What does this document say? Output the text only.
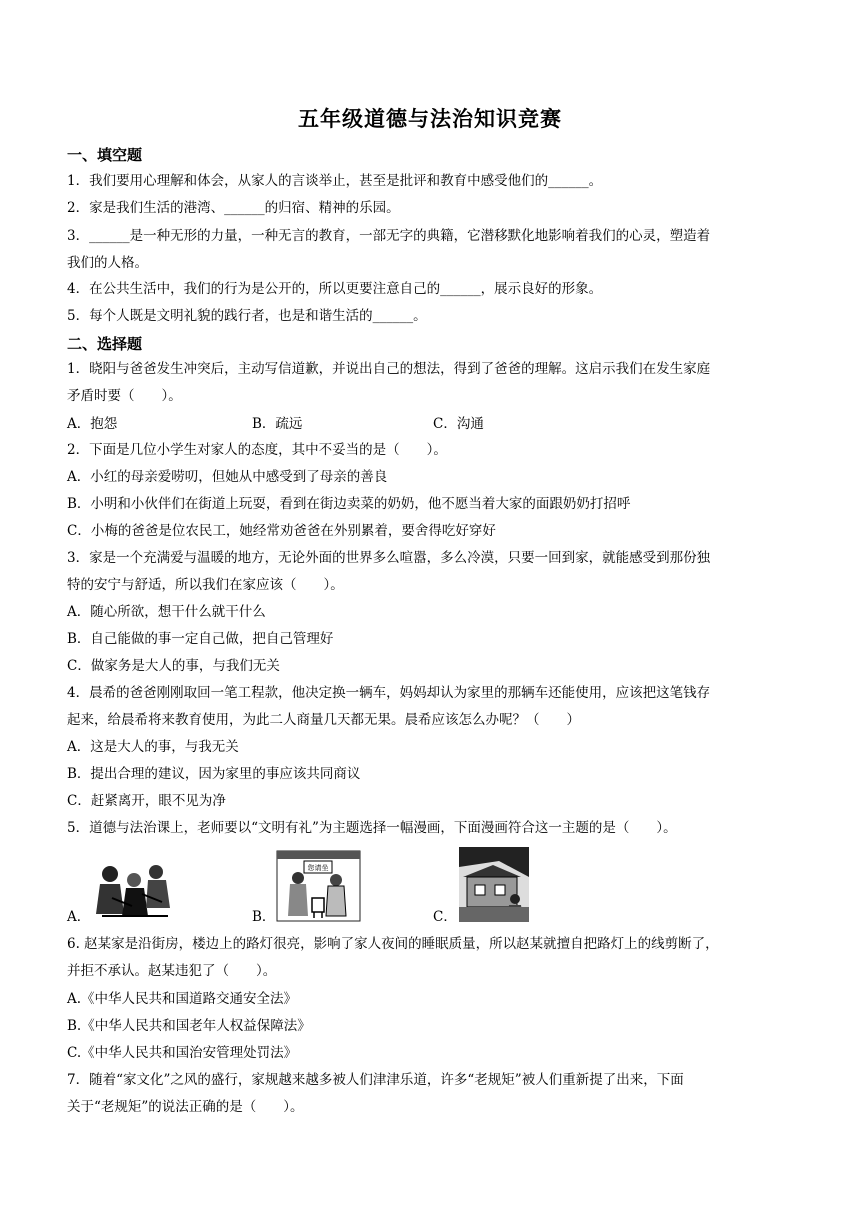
五年级道德与法治知识竞赛
一、填空题
1．我们要用心理解和体会，从家人的言谈举止，甚至是批评和教育中感受他们的______。
2．家是我们生活的港湾、______的归宿、精神的乐园。
3．______是一种无形的力量，一种无言的教育，一部无字的典籍，它潜移默化地影响着我们的心灵，塑造着
我们的人格。
4．在公共生活中，我们的行为是公开的，所以更要注意自己的______，展示良好的形象。
5．每个人既是文明礼貌的践行者，也是和谐生活的______。
二、选择题
1．晓阳与爸爸发生冲突后，主动写信道歉，并说出自己的想法，得到了爸爸的理解。这启示我们在发生家庭
矛盾时要（　　）。
A．抱怨	B．疏远	C．沟通
2．下面是几位小学生对家人的态度，其中不妥当的是（　　）。
A．小红的母亲爱唠叨，但她从中感受到了母亲的善良
B．小明和小伙伴们在街道上玩耍，看到在街边卖菜的奶奶，他不愿当着大家的面跟奶奶打招呼
C．小梅的爸爸是位农民工，她经常劝爸爸在外别累着，要舍得吃好穿好
3．家是一个充满爱与温暖的地方，无论外面的世界多么喧嚣，多么冷漠，只要一回到家，就能感受到那份独
特的安宁与舒适，所以我们在家应该（　　）。
A．随心所欲，想干什么就干什么
B．自己能做的事一定自己做，把自己管理好
C．做家务是大人的事，与我们无关
4．晨希的爸爸刚刚取回一笔工程款，他决定换一辆车，妈妈却认为家里的那辆车还能使用，应该把这笔钱存
起来，给晨希将来教育使用，为此二人商量几天都无果。晨希应该怎么办呢？（　　）
A．这是大人的事，与我无关
B．提出合理的建议，因为家里的事应该共同商议
C．赶紧离开，眼不见为净
5．道德与法治课上，老师要以“文明有礼”为主题选择一幅漫画，下面漫画符合这一主题的是（　　）。
A．	B．
您请坐
C．
6. 赵某家是沿街房，楼边上的路灯很亮，影响了家人夜间的睡眠质量，所以赵某就擅自把路灯上的线剪断了，
并拒不承认。赵某违犯了（　　）。
A.《中华人民共和国道路交通安全法》
B.《中华人民共和国老年人权益保障法》
C.《中华人民共和国治安管理处罚法》
7．随着“家文化”之风的盛行，家规越来越多被人们津津乐道，许多“老规矩”被人们重新提了出来，下面
关于“老规矩”的说法正确的是（　　）。
